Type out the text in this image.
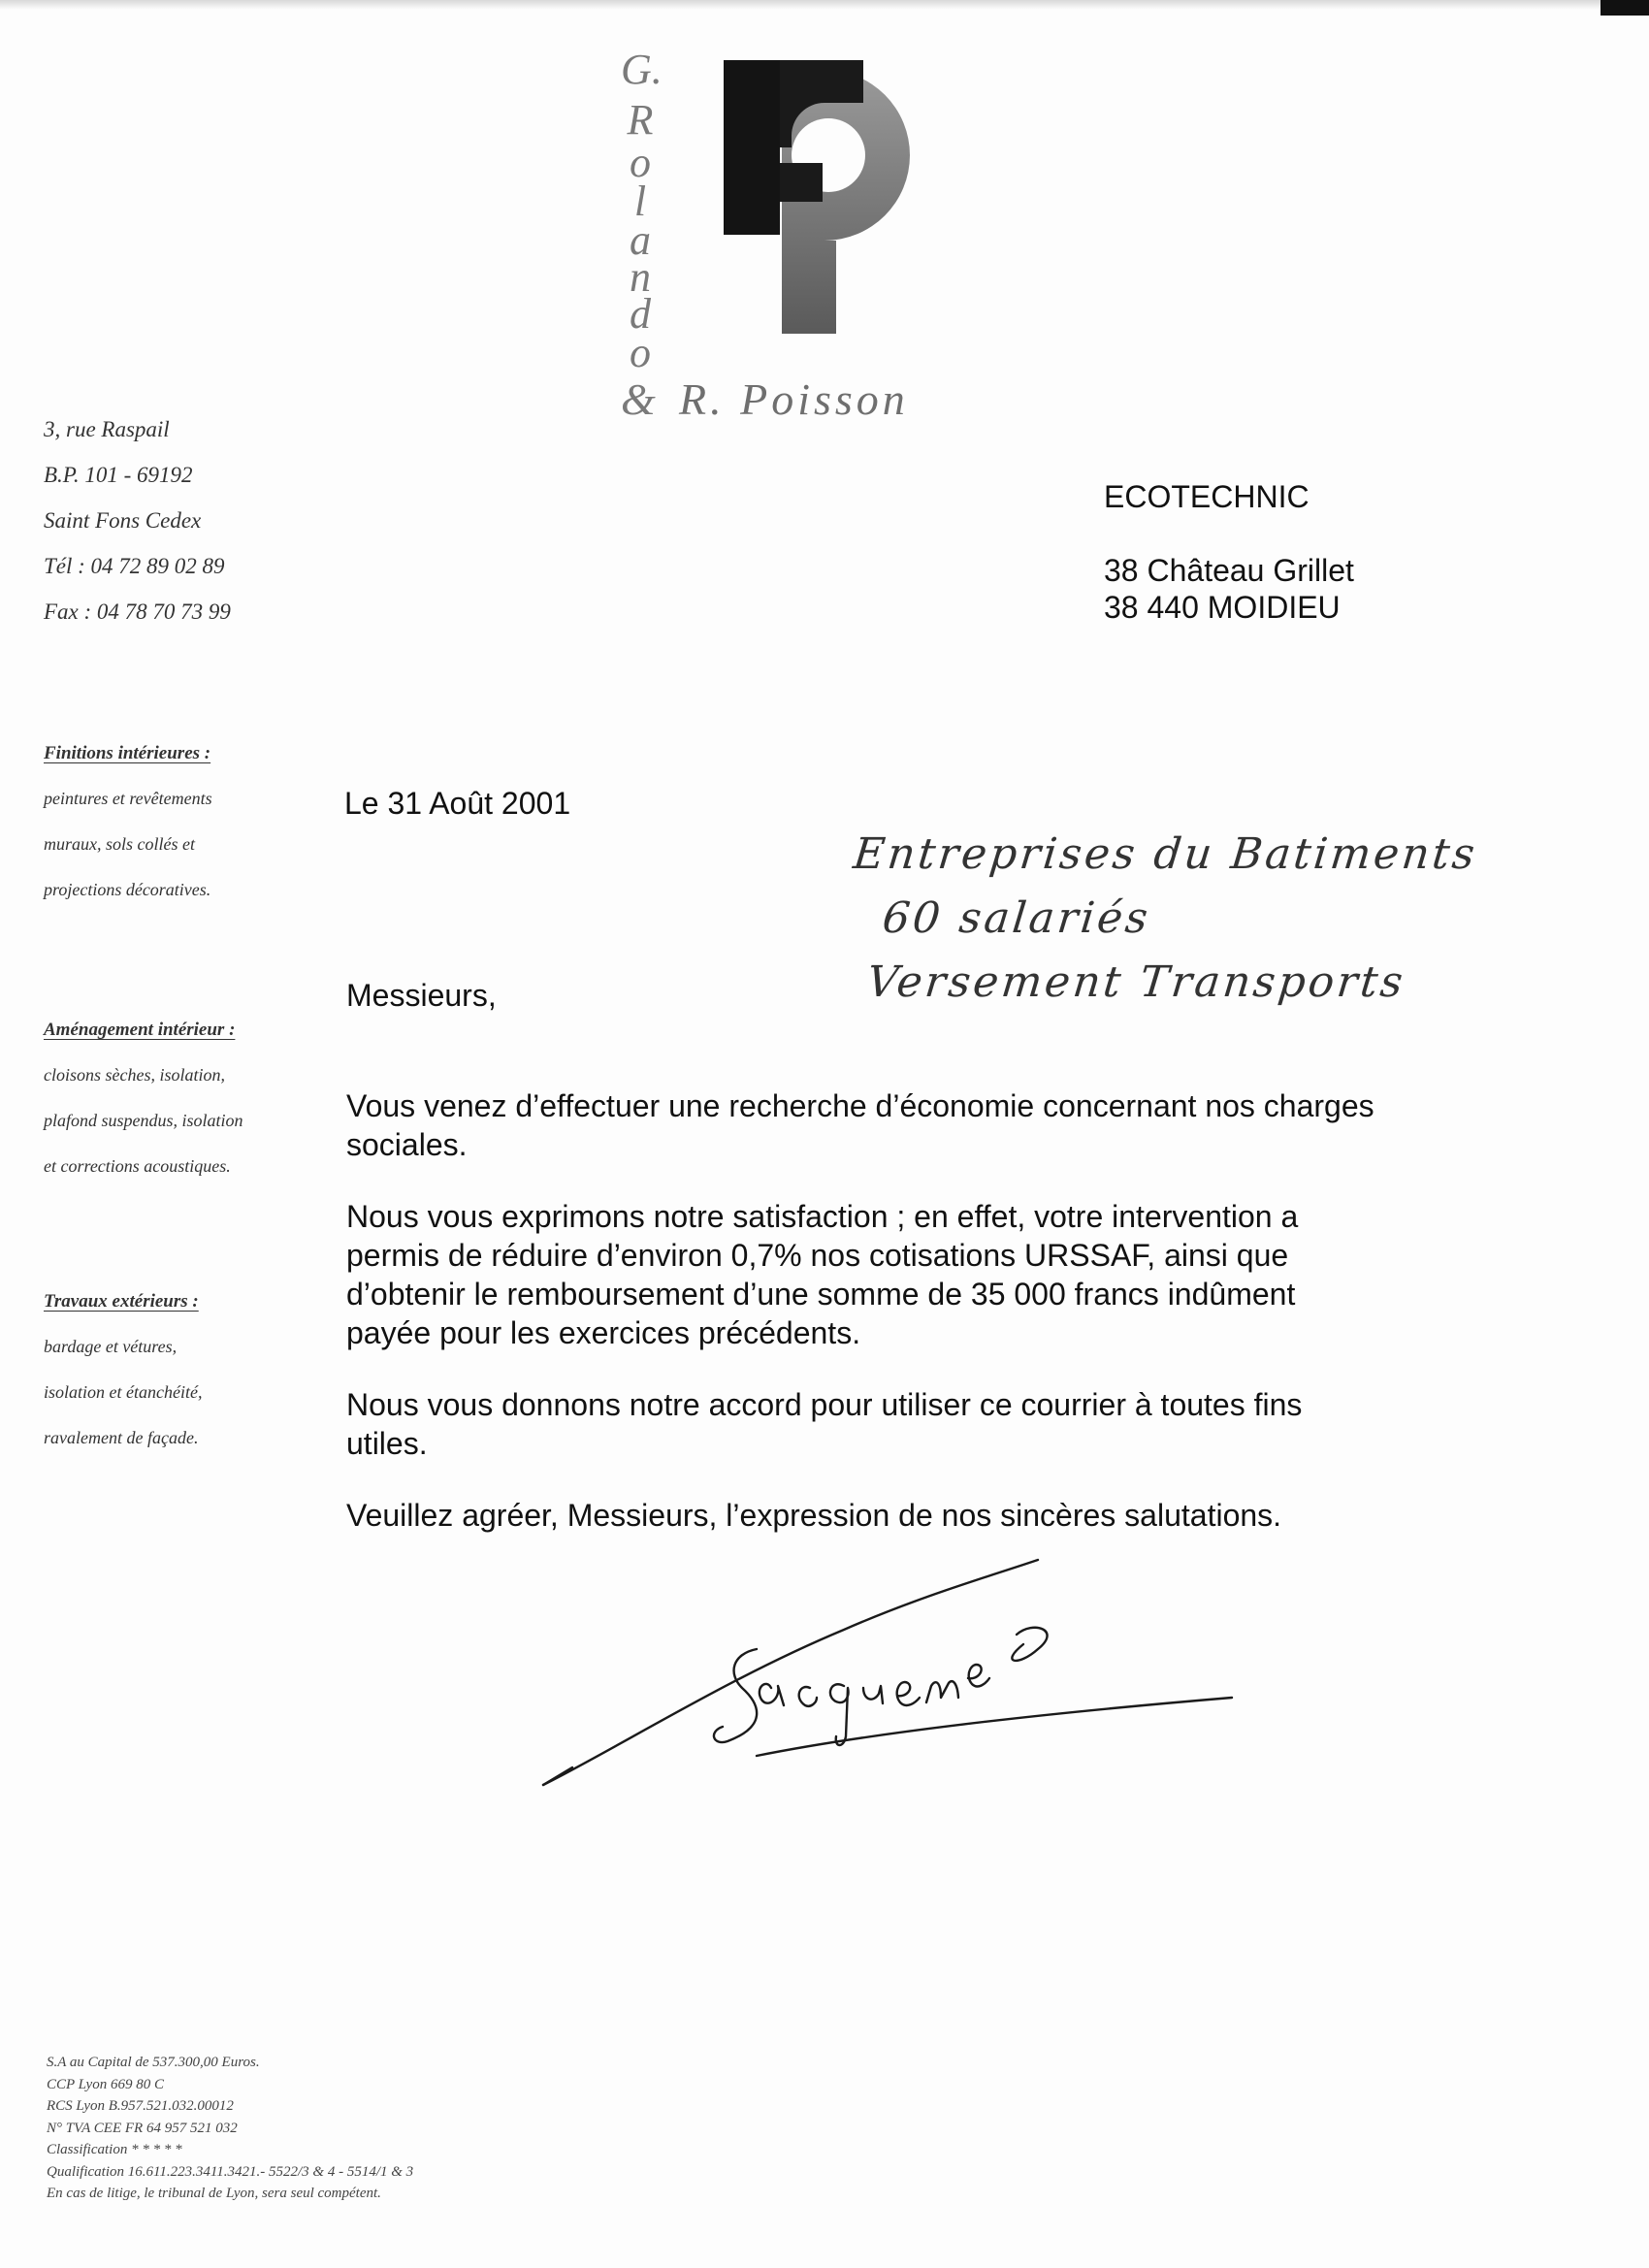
G.
R
o
l
a
n
d
o
& R. Poisson
3, rue Raspail
B.P. 101 - 69192
Saint Fons Cedex
Tél : 04 72 89 02 89
Fax : 04 78 70 73 99
Finitions intérieures :
peintures et revêtements
muraux, sols collés et
projections décoratives.
Aménagement intérieur :
cloisons sèches, isolation,
plafond suspendus, isolation
et corrections acoustiques.
Travaux extérieurs :
bardage et vétures,
isolation et étanchéité,
ravalement de façade.
ECOTECHNIC
38 Château Grillet
38 440 MOIDIEU
Le 31 Août 2001
Entreprises du Batiments
60 salariés
Versement Transports
Messieurs,

Vous venez d’effectuer une recherche d’économie concernant nos charges sociales.

Nous vous exprimons notre satisfaction ; en effet, votre intervention a permis de réduire d’environ 0,7% nos cotisations URSSAF, ainsi que d’obtenir le remboursement d’une somme de 35 000 francs indûment payée pour les exercices précédents.

Nous vous donnons notre accord pour utiliser ce courrier à toutes fins utiles.

Veuillez agréer, Messieurs, l’expression de nos sincères salutations.

S.A au Capital de 537.300,00 Euros.
CCP Lyon 669 80 C
RCS Lyon B.957.521.032.00012
N° TVA CEE FR 64 957 521 032
Classification * * * * *
Qualification 16.611.223.3411.3421.- 5522/3 & 4 - 5514/1 & 3
En cas de litige, le tribunal de Lyon, sera seul compétent.
